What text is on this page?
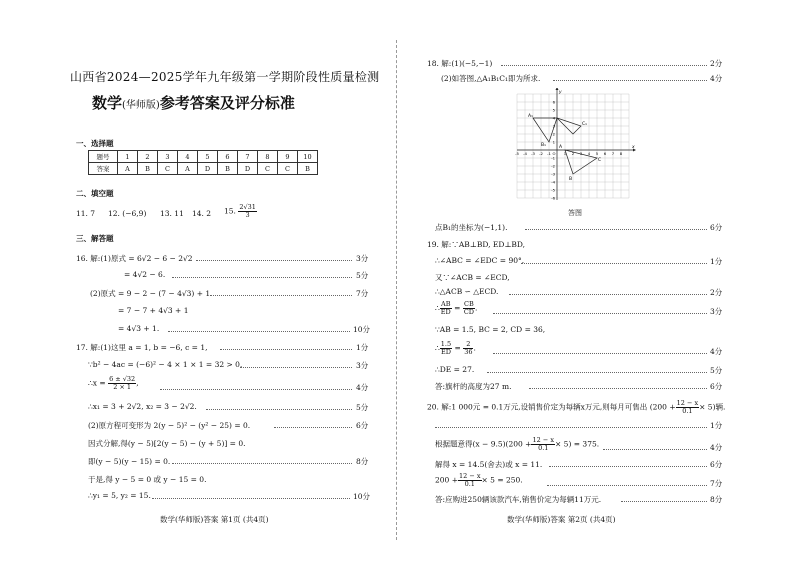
山西省2024—2025学年九年级第一学期阶段性质量检测
数学(华师版)参考答案及评分标准
一、选择题
题号	1	2	3	4	5	6	7	8	9	10
答案	A	B	C	A	D	B	D	C	C	B
二、填空题
11. 7 12. (−6,9) 13. 11 14. 2 15. $\frac{2√31}{3}$
三、解答题
16. 解:(1)原式 = 6√2 − 6 − 2√2	3分
= 4√2 − 6.	5分
(2)原式 = 9 − 2 − (7 − 4√3) + 1	7分
= 7 − 7 + 4√3 + 1
= 4√3 + 1.	10分
17. 解:(1)这里 a = 1, b = −6, c = 1,	1分
∵b² − 4ac = (−6)² − 4 × 1 × 1 = 32 > 0,	3分
∴x = $\frac{6 \pm √32}{2 \times 1}$ ,	4分
∴x₁ = 3 + 2√2, x₂ = 3 − 2√2.	5分
(2)原方程可变形为 2(y − 5)² − (y² − 25) = 0.	6分
因式分解,得(y − 5)[2(y − 5) − (y + 5)] = 0.
即(y − 5)(y − 15) = 0.	8分
于是,得 y − 5 = 0 或 y − 15 = 0.
∴y₁ = 5, y₂ = 15.	10分
数学(华师版)答案 第1页 (共4页)
18. 解:(1)(−5,−1)	2分
(2)如答图,△A₁B₁C₁即为所求.	4分
A₁
B₁
C₁
A
B
C
x
y
-5 -4 -3 -2 -1 O 1 2 3 4 5 6 7 8
6
5
4
3
2
1
-1
-2
-3
-4
-5
-6
答图
点B₁的坐标为(−1,1).	6分
19. 解:∵AB⊥BD, ED⊥BD,
∴∠ABC = ∠EDC = 90°.	1分
又∵∠ACB = ∠ECD,
∴△ACB ∽ △ECD.	2分
∴ $\frac{AB}{ED} = \frac{CB}{CD}$ .	3分
∵AB = 1.5, BC = 2, CD = 36,
∴ $\frac{1.5}{ED} = \frac{2}{36}$ .	4分
∴DE = 27.	5分
答:旗杆的高度为27 m.	6分
20. 解:1 000元 = 0.1万元,设销售价定为每辆x万元,则每月可售出 $(200 + \frac{12 - x}{0.1} \times 5)$辆.
1分
根据题意得$(x - 9.5)(200 + \frac{12 - x}{0.1} \times 5) = 375$.	4分
解得 x = 14.5(舍去)或 x = 11.	6分
$200 + \frac{12 - x}{0.1} \times 5 = 250$.	7分
答:应购进250辆该款汽车,销售价定为每辆11万元.	8分
数学(华师版)答案 第2页 (共4页)
